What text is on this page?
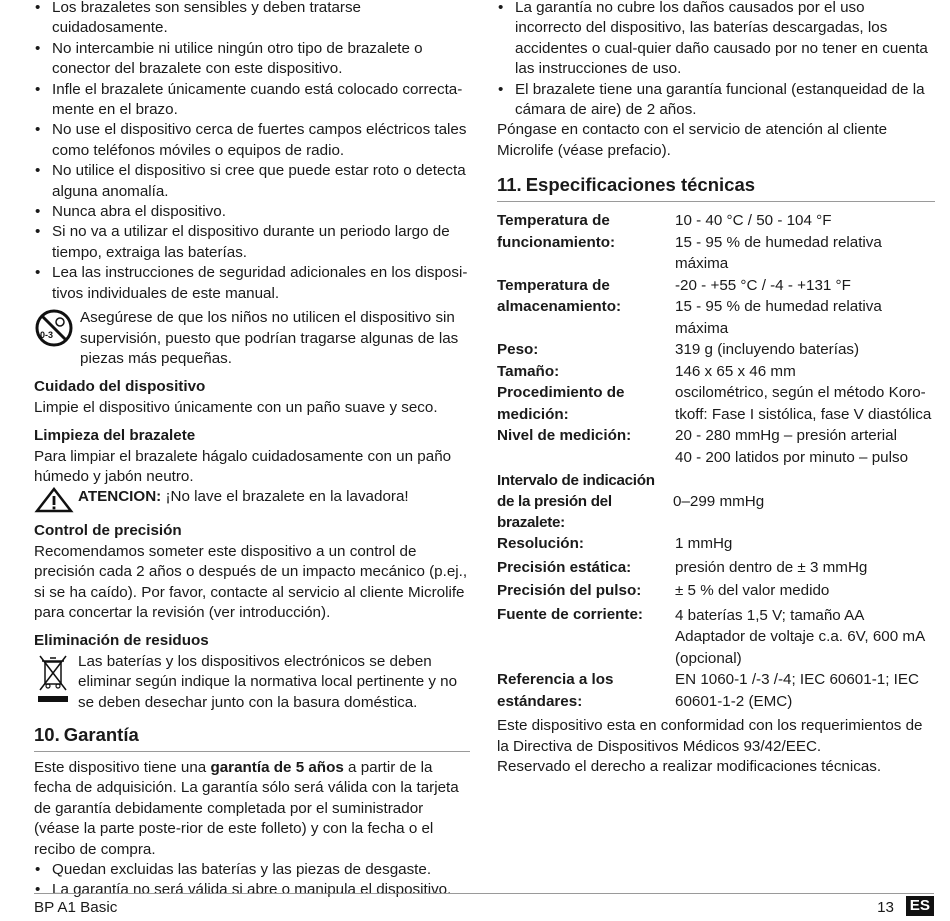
• Los brazaletes son sensibles y deben tratarse cuidadosamente.
• No intercambie ni utilice ningún otro tipo de brazalete o conector del brazalete con este dispositivo.
• Infle el brazalete únicamente cuando está colocado correcta-mente en el brazo.
• No use el dispositivo cerca de fuertes campos eléctricos tales como teléfonos móviles o equipos de radio.
• No utilice el dispositivo si cree que puede estar roto o detecta alguna anomalía.
• Nunca abra el dispositivo.
• Si no va a utilizar el dispositivo durante un periodo largo de tiempo, extraiga las baterías.
• Lea las instrucciones de seguridad adicionales en los disposi-tivos individuales de este manual.
0-3

Asegúrese de que los niños no utilicen el dispositivo sin supervisión, puesto que podrían tragarse algunas de las piezas más pequeñas.

Cuidado del dispositivo

Limpie el dispositivo únicamente con un paño suave y seco.

Limpieza del brazalete

Para limpiar el brazalete hágalo cuidadosamente con un paño húmedo y jabón neutro.

ATENCION: ¡No lave el brazalete en la lavadora!

Control de precisión

Recomendamos someter este dispositivo a un control de precisión cada 2 años o después de un impacto mecánico (p.ej., si se ha caído). Por favor, contacte al servicio al cliente Microlife para concertar la revisión (ver introducción).

Eliminación de residuos

Las baterías y los dispositivos electrónicos se deben eliminar según indique la normativa local pertinente y no se deben desechar junto con la basura doméstica.

10. Garantía

Este dispositivo tiene una garantía de 5 años a partir de la fecha de adquisición. La garantía sólo será válida con la tarjeta de garantía debidamente completada por el suministrador (véase la parte poste-rior de este folleto) y con la fecha o el recibo de compra.

• Quedan excluidas las baterías y las piezas de desgaste.
• La garantía no será válida si abre o manipula el dispositivo.
• La garantía no cubre los daños causados por el uso incorrecto del dispositivo, las baterías descargadas, los accidentes o cual-quier daño causado por no tener en cuenta las instrucciones de uso.
• El brazalete tiene una garantía funcional (estanqueidad de la cámara de aire) de 2 años.

Póngase en contacto con el servicio de atención al cliente Microlife (véase prefacio).

11. Especificaciones técnicas
Temperatura de funcionamiento:	10 - 40 °C / 50 - 104 °F
15 - 95 % de humedad relativa máxima
Temperatura de almacenamiento:	-20 - +55 °C / -4 - +131 °F
15 - 95 % de humedad relativa máxima
Peso:	319 g (incluyendo baterías)
Tamaño:	146 x 65 x 46 mm
Procedimiento de medición:	oscilométrico, según el método Koro-tkoff: Fase I sistólica, fase V diastólica
Nivel de medición:	20 - 280 mmHg – presión arterial
40 - 200 latidos por minuto – pulso
Intervalo de indicación de la presión del brazalete:0–299 mmHg	
Resolución:	1 mmHg
Precisión estática:	presión dentro de ± 3 mmHg
Precisión del pulso:	± 5 % del valor medido
Fuente de corriente:	4 baterías 1,5 V; tamaño AA
Adaptador de voltaje c.a. 6V, 600 mA (opcional)
Referencia a los estándares:	EN 1060-1 /-3 /-4; IEC 60601-1; IEC 60601-1-2 (EMC)

Este dispositivo esta en conformidad con los requerimientos de la Directiva de Dispositivos Médicos 93/42/EEC.

Reservado el derecho a realizar modificaciones técnicas.

BP A1 Basic	13 ES
